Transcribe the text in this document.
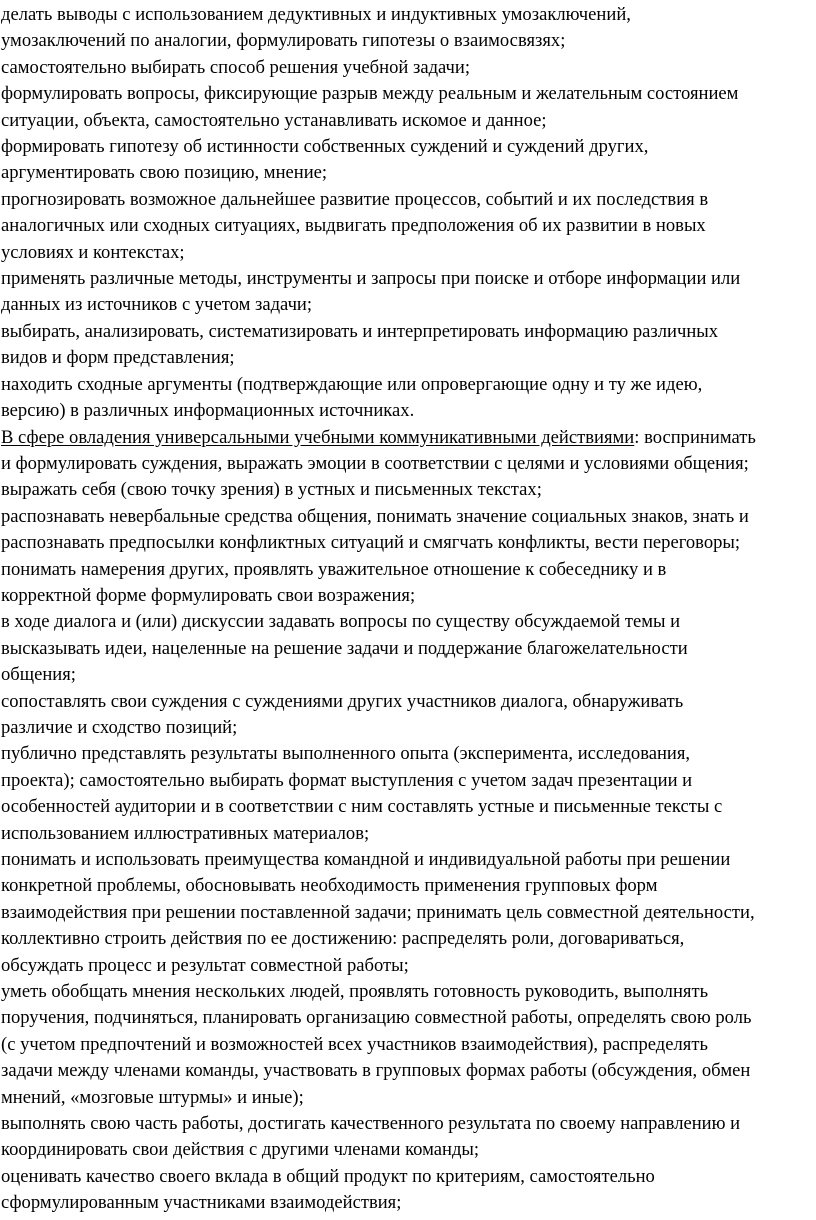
делать выводы с использованием дедуктивных и индуктивных умозаключений,
умозаключений по аналогии, формулировать гипотезы о взаимосвязях;
самостоятельно выбирать способ решения учебной задачи;
формулировать вопросы, фиксирующие разрыв между реальным и желательным состоянием
ситуации, объекта, самостоятельно устанавливать искомое и данное;
формировать гипотезу об истинности собственных суждений и суждений других,
аргументировать свою позицию, мнение;
прогнозировать возможное дальнейшее развитие процессов, событий и их последствия в
аналогичных или сходных ситуациях, выдвигать предположения об их развитии в новых
условиях и контекстах;
применять различные методы, инструменты и запросы при поиске и отборе информации или
данных из источников с учетом задачи;
выбирать, анализировать, систематизировать и интерпретировать информацию различных
видов и форм представления;
находить сходные аргументы (подтверждающие или опровергающие одну и ту же идею,
версию) в различных информационных источниках.
В сфере овладения универсальными учебными коммуникативными действиями: воспринимать
и формулировать суждения, выражать эмоции в соответствии с целями и условиями общения;
выражать себя (свою точку зрения) в устных и письменных текстах;
распознавать невербальные средства общения, понимать значение социальных знаков, знать и
распознавать предпосылки конфликтных ситуаций и смягчать конфликты, вести переговоры;
понимать намерения других, проявлять уважительное отношение к собеседнику и в
корректной форме формулировать свои возражения;
в ходе диалога и (или) дискуссии задавать вопросы по существу обсуждаемой темы и
высказывать идеи, нацеленные на решение задачи и поддержание благожелательности
общения;
сопоставлять свои суждения с суждениями других участников диалога, обнаруживать
различие и сходство позиций;
публично представлять результаты выполненного опыта (эксперимента, исследования,
проекта); самостоятельно выбирать формат выступления с учетом задач презентации и
особенностей аудитории и в соответствии с ним составлять устные и письменные тексты с
использованием иллюстративных материалов;
понимать и использовать преимущества командной и индивидуальной работы при решении
конкретной проблемы, обосновывать необходимость применения групповых форм
взаимодействия при решении поставленной задачи; принимать цель совместной деятельности,
коллективно строить действия по ее достижению: распределять роли, договариваться,
обсуждать процесс и результат совместной работы;
уметь обобщать мнения нескольких людей, проявлять готовность руководить, выполнять
поручения, подчиняться, планировать организацию совместной работы, определять свою роль
(с учетом предпочтений и возможностей всех участников взаимодействия), распределять
задачи между членами команды, участвовать в групповых формах работы (обсуждения, обмен
мнений, «мозговые штурмы» и иные);
выполнять свою часть работы, достигать качественного результата по своему направлению и
координировать свои действия с другими членами команды;
оценивать качество своего вклада в общий продукт по критериям, самостоятельно
сформулированным участниками взаимодействия;
